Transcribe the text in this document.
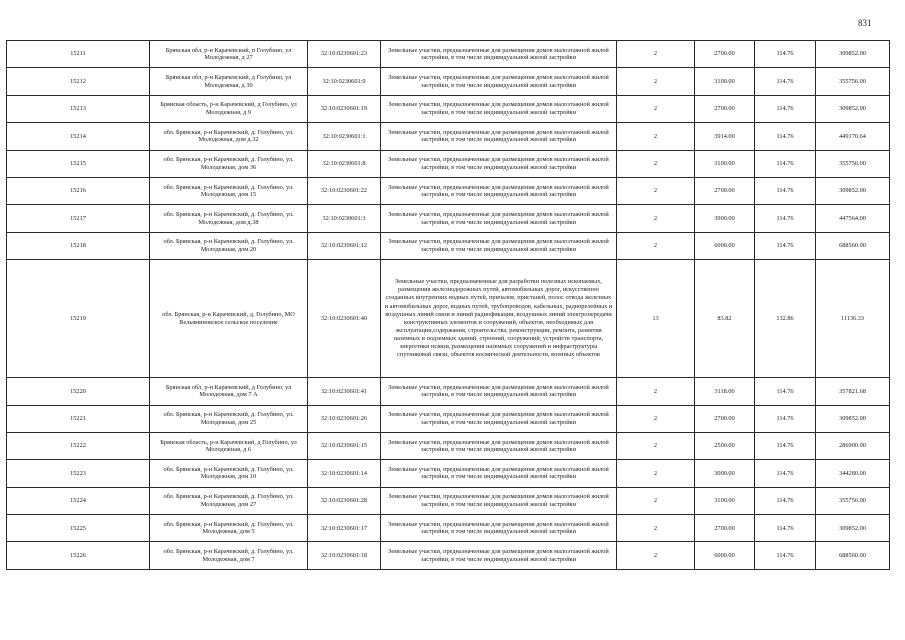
831
15211	Брянская обл, р-н Карачевский, п Голубино, ул Молодежная, д 27	32:10:0230601:23	Земельные участки, предназначенные для размещения домов малоэтажной жилой застройки, в том числе индивидуальной жилой застройки	2	2700.00	114.76	309852.00
15212	Брянская обл, р-н Карачевский, д Голубино, ул Молодежная, д 30	32:10:0230601:9	Земельные участки, предназначенные для размещения домов малоэтажной жилой застройки, в том числе индивидуальной жилой застройки	2	3100.00	114.76	355756.00
15213	Брянская область, р-н Карачевский, д Голубино, ул Молодежная, д 9	32:10:0230601:19	Земельные участки, предназначенные для размещения домов малоэтажной жилой застройки, в том числе индивидуальной жилой застройки	2	2700.00	114.76	309852.00
15214	обл. Брянская, р-н Карачевский, д. Голубино, ул. Молодежная, дом д.32	32:10:0230601:1	Земельные участки, предназначенные для размещения домов малоэтажной жилой застройки, в том числе индивидуальной жилой застройки	2	3914.00	114.76	449170.64
15215	обл. Брянская, р-н Карачевский, д. Голубино, ул. Молодежная, дом 36	32:10:0230601:8	Земельные участки, предназначенные для размещения домов малоэтажной жилой застройки, в том числе индивидуальной жилой застройки	2	3100.00	114.76	355756.00
15216	обл. Брянская, р-н Карачевский, д. Голубино, ул. Молодежная, дом 15	32:10:0230601:22	Земельные участки, предназначенные для размещения домов малоэтажной жилой застройки, в том числе индивидуальной жилой застройки	2	2700.00	114.76	309852.00
15217	обл. Брянская, р-н Карачевский, д. Голубино, ул. Молодежная, дом д.38	32:10:0230601:3	Земельные участки, предназначенные для размещения домов малоэтажной жилой застройки, в том числе индивидуальной жилой застройки	2	3900.00	114.76	447564.00
15218	обл. Брянская, р-н Карачевский, д. Голубино, ул. Молодежная, дом 20	32:10:0230601:12	Земельные участки, предназначенные для размещения домов малоэтажной жилой застройки, в том числе индивидуальной жилой застройки	2	6000.00	114.76	688560.00
15219	обл. Брянская, р-н Карачевский, д. Голубино, МО Вельяминовское сельское поселение	32:10:0230601:40	Земельные участки, предназначенные для разработки полезных ископаемых, размещения железнодорожных путей, автомобильных дорог, искусственно созданных внутренних водных путей, причалов, пристаней, полос отвода железных и автомобильных дорог, водных путей, трубопроводов, кабельных, радиорелейных и воздушных линий связи и линий радиофикации, воздушных линий электропередачи конструктивных элементов и сооружений, объектов, необходимых для эксплуатации,содержания, строительства, реконструкции, ремонта, развития наземных и подземных зданий, строений, сооружений, устройств транспорта, энергетики нсвязи, размещения наземных сооружений и инфраструктуры спутниковой связи, объектов космической деятельности, военных объектов	13	83.82	132.86	11136.33
15220	Брянская обл, р-н Карачевский, д Голубино, ул Молодежная, дом 7 А	32:10:0230601:41	Земельные участки, предназначенные для размещения домов малоэтажной жилой застройки, в том числе индивидуальной жилой застройки	2	3118.00	114.76	357821.68
15221	обл. Брянская, р-н Карачевский, д. Голубино, ул. Молодежная, дом 25	32:10:0230601:26	Земельные участки, предназначенные для размещения домов малоэтажной жилой застройки, в том числе индивидуальной жилой застройки	2	2700.00	114.76	309852.00
15222	Брянская область, р-н Карачевский, д Голубино, ул Молодежная, д 6	32:10:0230601:15	Земельные участки, предназначенные для размещения домов малоэтажной жилой застройки, в том числе индивидуальной жилой застройки	2	2500.00	114.76	286900.00
15223	обл. Брянская, р-н Карачевский, д. Голубино, ул. Молодежная, дом 10	32:10:0230601:14	Земельные участки, предназначенные для размещения домов малоэтажной жилой застройки, в том числе индивидуальной жилой застройки	2	3000.00	114.76	344280.00
15224	обл. Брянская, р-н Карачевский, д. Голубино, ул. Молодежная, дом 27	32:10:0230601:28	Земельные участки, предназначенные для размещения домов малоэтажной жилой застройки, в том числе индивидуальной жилой застройки	2	3100.00	114.76	355756.00
15225	обл. Брянская, р-н Карачевский, д. Голубино, ул. Молодежная, дом 5	32:10:0230601:17	Земельные участки, предназначенные для размещения домов малоэтажной жилой застройки, в том числе индивидуальной жилой застройки	2	2700.00	114.76	309852.00
15226	обл. Брянская, р-н Карачевский, д. Голубино, ул. Молодежная, дом 7	32:10:0230601:18	Земельные участки, предназначенные для размещения домов малоэтажной жилой застройки, в том числе индивидуальной жилой застройки	2	6000.00	114.76	688560.00
